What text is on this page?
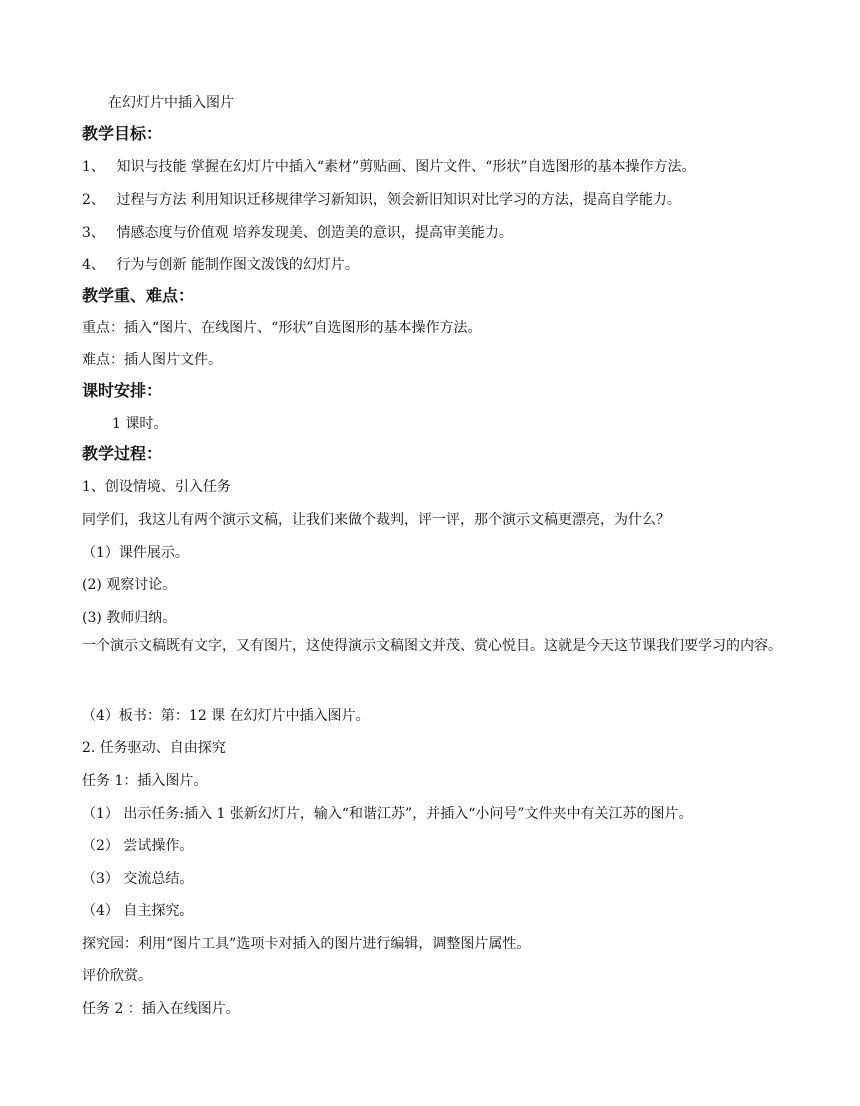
在幻灯片中插入图片
教学目标：
1、 知识与技能 掌握在幻灯片中插入“素材”剪贴画、图片文件、“形状”自选图形的基本操作方法。
2、 过程与方法 利用知识迁移规律学习新知识，领会新旧知识对比学习的方法，提高自学能力。
3、 情感态度与价值观 培养发现美、创造美的意识，提高审美能力。
4、 行为与创新 能制作图文泼饯的幻灯片。
教学重、难点：
重点：插入“图片、在线图片、“形状”自选图形的基本操作方法。
难点：插人图片文件。
课时安排：
1 课时。
教学过程：
1、创设情境、引入任务
同学们，我这儿有两个演示文稿，让我们来做个裁判，评一评，那个演示文稿更漂亮，为什么？
（1）课件展示。
(2) 观察讨论。
(3) 教师归纳。
一个演示文稿既有文字，又有图片，这使得演示文稿图文并茂、赏心悦目。这就是今天这节课我们要学习的内容。
（4）板书：第：12 课 在幻灯片中插入图片。
2. 任务驱动、自由探究
任务 1：插入图片。
（1） 出示任务:插入 1 张新幻灯片，输入“和谐江苏”，并插入“小问号”文件夹中有关江苏的图片。
（2） 尝试操作。
（3） 交流总结。
（4） 自主探究。
探究园：利用“图片工具”选项卡对插入的图片进行编辑，调整图片属性。
评价欣赏。
任务 2 ：插入在线图片。
